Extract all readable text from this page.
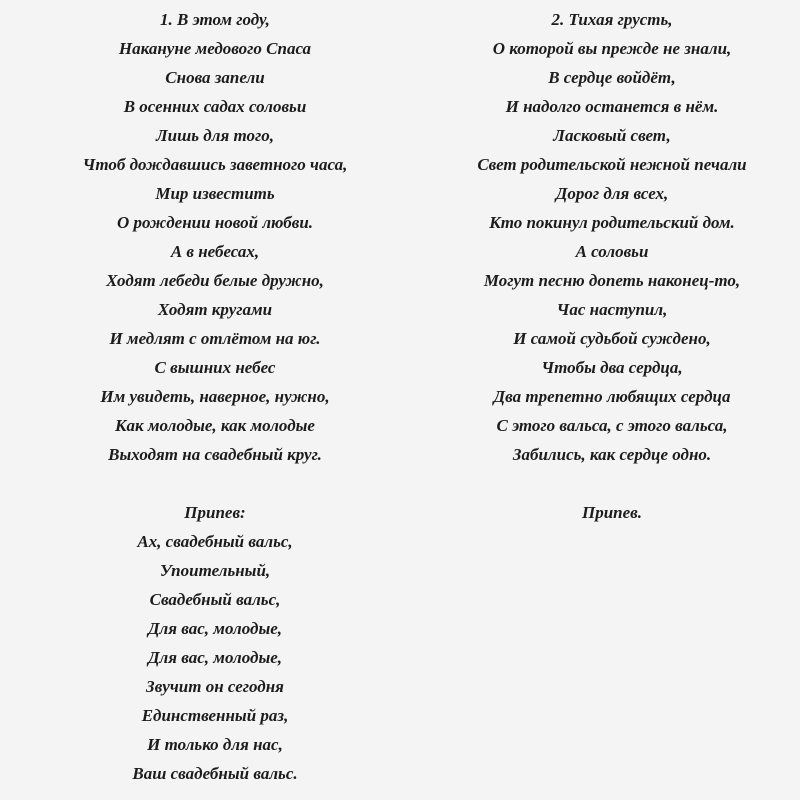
1. В этом году,

Накануне медового Спаса

Снова запели

В осенних садах соловьи

Лишь для того,

Чтоб дождавшись заветного часа,

Мир известить

О рождении новой любви.

А в небесах,

Ходят лебеди белые дружно,

Ходят кругами

И медлят с отлётом на юг.

С вышних небес

Им увидеть, наверное, нужно,

Как молодые, как молодые

Выходят на свадебный круг.

Припев:

Ах, свадебный вальс,

Упоительный,

Свадебный вальс,

Для вас, молодые,

Для вас, молодые,

Звучит он сегодня

Единственный раз,

И только для нас,

Ваш свадебный вальс.

2. Тихая грусть,

О которой вы прежде не знали,

В сердце войдёт,

И надолго останется в нём.

Ласковый свет,

Свет родительской нежной печали

Дорог для всех,

Кто покинул родительский дом.

А соловьи

Могут песню допеть наконец-то,

Час наступил,

И самой судьбой суждено,

Чтобы два сердца,

Два трепетно любящих сердца

С этого вальса, с этого вальса,

Забились, как сердце одно.

Припев.
